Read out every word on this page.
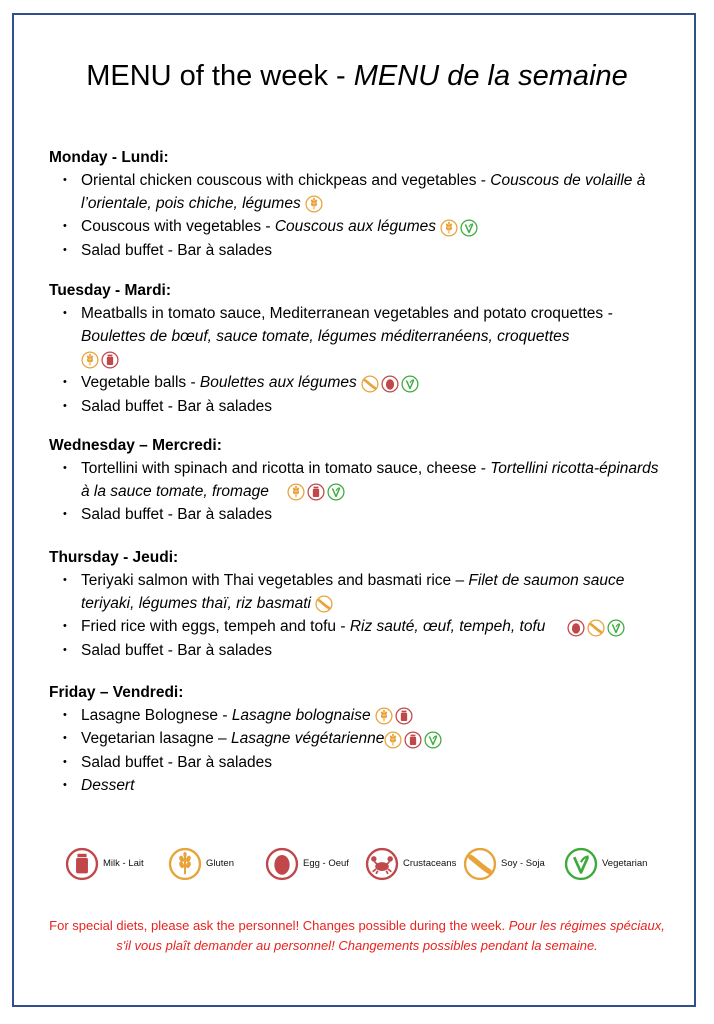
MENU of the week - MENU de la semaine
Monday - Lundi:
• Oriental chicken couscous with chickpeas and vegetables - Couscous de volaille à l’orientale, pois chiche, légumes
• Couscous with vegetables - Couscous aux légumes
• Salad buffet - Bar à salades
Tuesday - Mardi:
• Meatballs in tomato sauce, Mediterranean vegetables and potato croquettes - Boulettes de bœuf, sauce tomate, légumes méditerranéens, croquettes

• Vegetable balls - Boulettes aux légumes
• Salad buffet - Bar à salades
Wednesday – Mercredi:
• Tortellini with spinach and ricotta in tomato sauce, cheese - Tortellini ricotta-épinards à la sauce tomate, fromage
• Salad buffet - Bar à salades
Thursday - Jeudi:
• Teriyaki salmon with Thai vegetables and basmati rice – Filet de saumon sauce teriyaki, légumes thaï, riz basmati
• Fried rice with eggs, tempeh and tofu - Riz sauté, œuf, tempeh, tofu
• Salad buffet - Bar à salades
Friday – Vendredi:
• Lasagne Bolognese - Lasagne bolognaise
• Vegetarian lasagne – Lasagne végétarienne
• Salad buffet - Bar à salades
• Dessert
Milk - Lait	Gluten	Egg - Oeuf	Crustaceans	Soy - Soja	Vegetarian
For special diets, please ask the personnel! Changes possible during the week. Pour les régimes spéciaux, s'il vous plaît demander au personnel! Changements possibles pendant la semaine.
